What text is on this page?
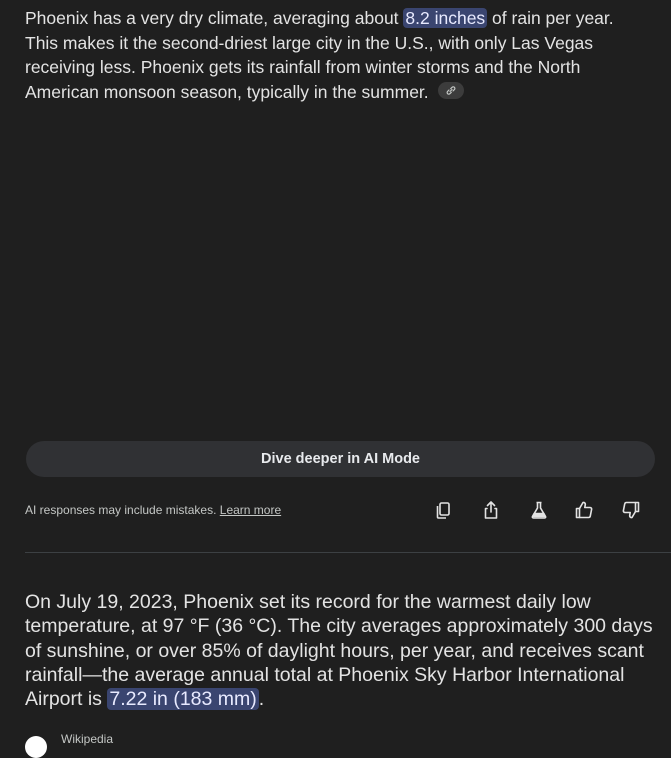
Phoenix has a very dry climate, averaging about 8.2 inches of rain per year. This makes it the second-driest large city in the U.S., with only Las Vegas receiving less. Phoenix gets its rainfall from winter storms and the North American monsoon season, typically in the summer.
Dive deeper in AI Mode
AI responses may include mistakes. Learn more
On July 19, 2023, Phoenix set its record for the warmest daily low temperature, at 97 °F (36 °C). The city averages approximately 300 days of sunshine, or over 85% of daylight hours, per year, and receives scant rainfall—the average annual total at Phoenix Sky Harbor International Airport is 7.22 in (183 mm) .
Wikipedia
